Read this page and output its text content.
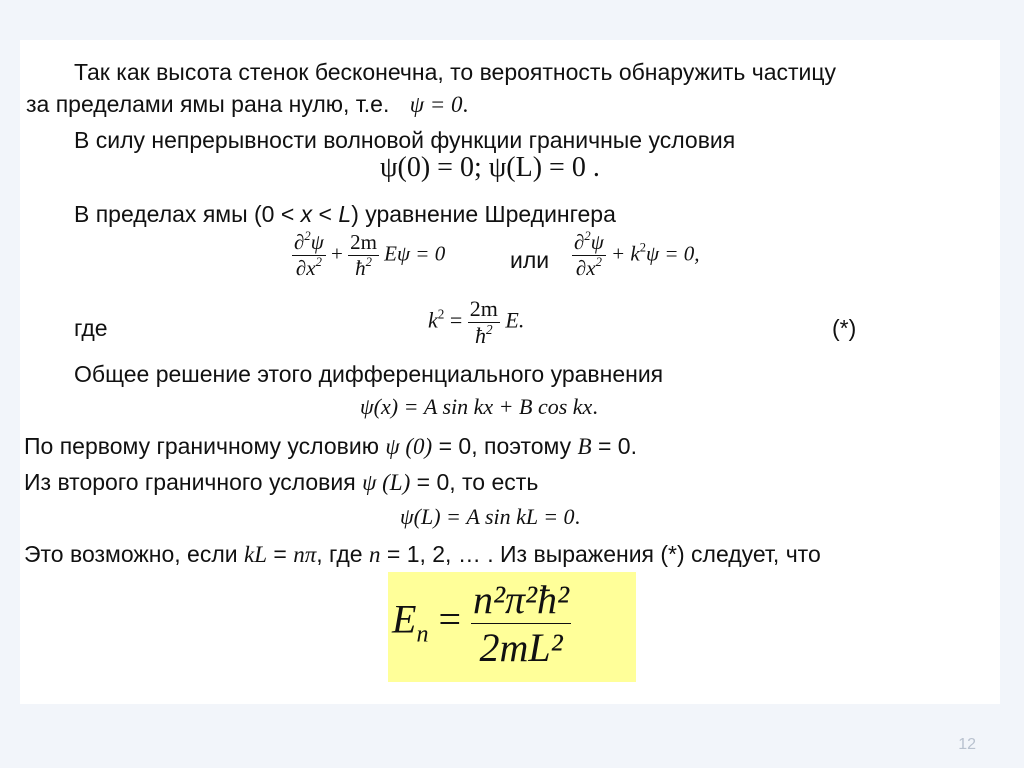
Так как высота стенок бесконечна, то вероятность обнаружить частицу
за пределами ямы рана нулю, т.е. ψ = 0.
В силу непрерывности волновой функции граничные условия
ψ(0) = 0; ψ(L) = 0 .
В пределах ямы (0 < x < L) уравнение Шредингера
$\frac{\partial^2\psi}{\partial x^2} + \frac{2m}{ħ^2}$ Eψ = 0	или $\frac{\partial^2\psi}{\partial x^2} + k^2\psi = 0$,
где	$k^2 = \frac{2m}{ħ^2} E$.	(*)
Общее решение этого дифференциального уравнения
ψ(x) = A sin kx + B cos kx.
По первому граничному условию ψ (0) = 0, поэтому B = 0.
Из второго граничного условия ψ (L) = 0, то есть
ψ(L) = A sin kL = 0.
Это возможно, если kL = nπ, где n = 1, 2, … . Из выражения (*) следует, что
$E_n = \frac{\text{n²π²ħ²}}{\text{2mL²}}$
12
